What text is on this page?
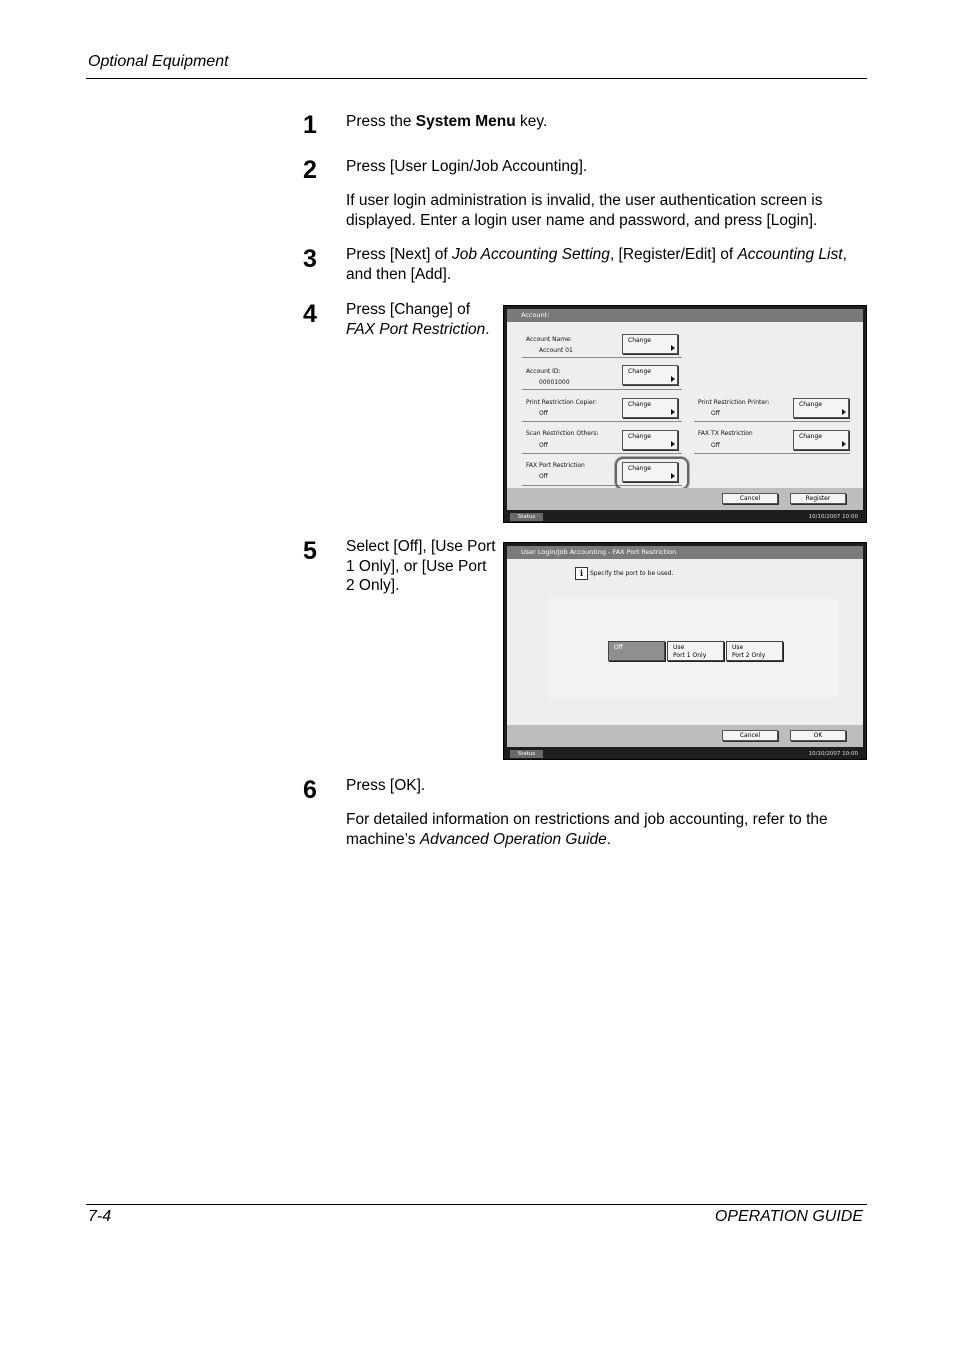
Optional Equipment
1 Press the System Menu key.
2 Press [User Login/Job Accounting].
If user login administration is invalid, the user authentication screen is displayed. Enter a login user name and password, and press [Login].
3 Press [Next] of Job Accounting Setting, [Register/Edit] of Accounting List, and then [Add].
4 Press [Change] of
FAX Port Restriction.
Account:
Account Name:
Account 01
Change
Account ID:
00001000
Change
Print Restriction Copier:
Off
Change	Print Restriction Printer:
Off
Change
Scan Restriction Others:
Off
Change	FAX TX Restriction
Off
Change
FAX Port Restriction
Off
Change
Cancel	Register
Status	10/10/2007 10:00
5 Select [Off], [Use Port 1 Only], or [Use Port 2 Only].
User Login/Job Accounting - FAX Port Restriction
i	Specify the port to be used.
Off	Use
Port 1 Only
Use
Port 2 Only
Cancel	OK
Status	10/10/2007 10:00
6 Press [OK].
For detailed information on restrictions and job accounting, refer to the machine’s Advanced Operation Guide.
7-4	OPERATION GUIDE
